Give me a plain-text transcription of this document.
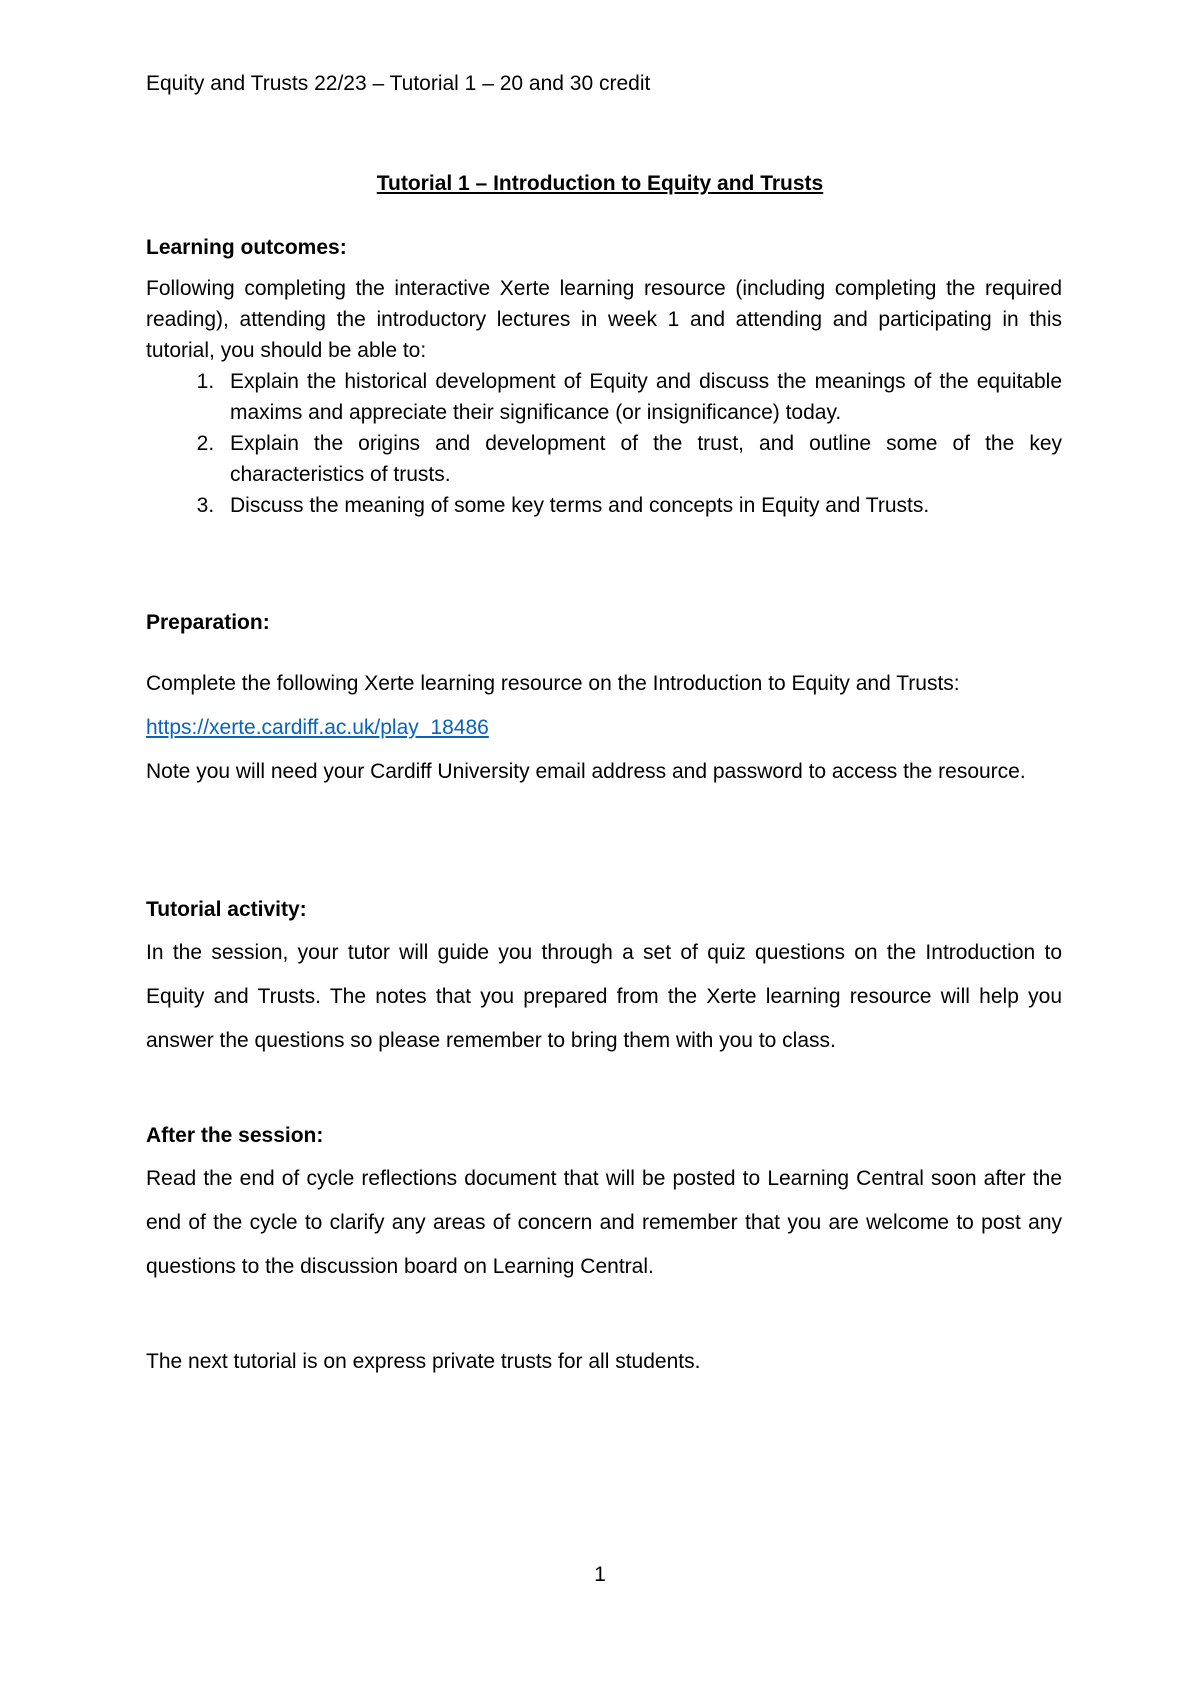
Equity and Trusts 22/23 – Tutorial 1 – 20 and 30 credit
Tutorial 1 – Introduction to Equity and Trusts
Learning outcomes:

Following completing the interactive Xerte learning resource (including completing the required reading), attending the introductory lectures in week 1 and attending and participating in this tutorial, you should be able to:

1. Explain the historical development of Equity and discuss the meanings of the equitable maxims and appreciate their significance (or insignificance) today.
2. Explain the origins and development of the trust, and outline some of the key characteristics of trusts.
3. Discuss the meaning of some key terms and concepts in Equity and Trusts.
Preparation:

Complete the following Xerte learning resource on the Introduction to Equity and Trusts:

https://xerte.cardiff.ac.uk/play_18486

Note you will need your Cardiff University email address and password to access the resource.

Tutorial activity:

In the session, your tutor will guide you through a set of quiz questions on the Introduction to Equity and Trusts. The notes that you prepared from the Xerte learning resource will help you answer the questions so please remember to bring them with you to class.

After the session:

Read the end of cycle reflections document that will be posted to Learning Central soon after the end of the cycle to clarify any areas of concern and remember that you are welcome to post any questions to the discussion board on Learning Central.

The next tutorial is on express private trusts for all students.
1
